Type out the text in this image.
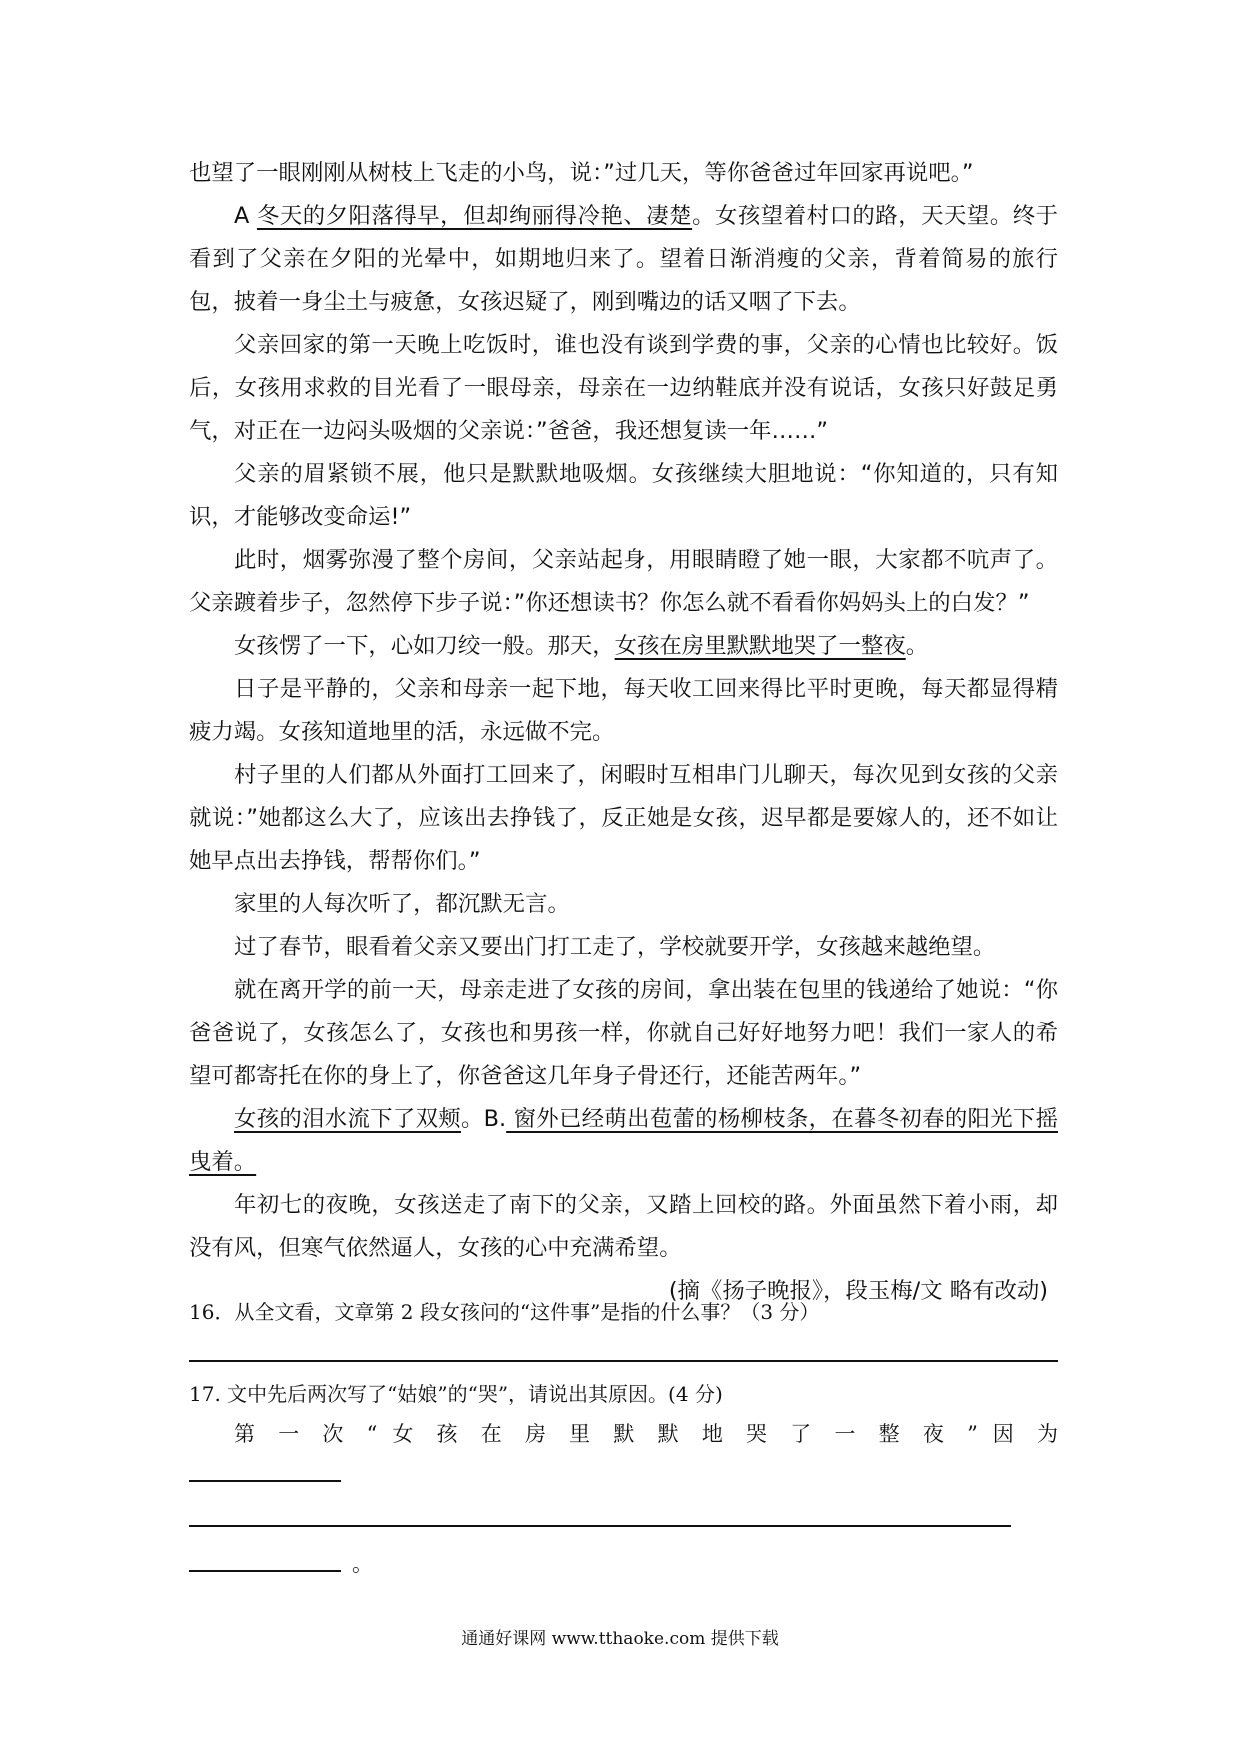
也望了一眼刚刚从树枝上飞走的小鸟，说：”过几天，等你爸爸过年回家再说吧。”

A 冬天的夕阳落得早，但却绚丽得冷艳、凄楚。女孩望着村口的路，天天望。终于看到了父亲在夕阳的光晕中，如期地归来了。望着日渐消瘦的父亲，背着简易的旅行包，披着一身尘土与疲惫，女孩迟疑了，刚到嘴边的话又咽了下去。

父亲回家的第一天晚上吃饭时，谁也没有谈到学费的事，父亲的心情也比较好。饭后，女孩用求救的目光看了一眼母亲，母亲在一边纳鞋底并没有说话，女孩只好鼓足勇气，对正在一边闷头吸烟的父亲说：”爸爸，我还想复读一年……”

父亲的眉紧锁不展，他只是默默地吸烟。女孩继续大胆地说：“你知道的，只有知识，才能够改变命运!”

此时，烟雾弥漫了整个房间，父亲站起身，用眼睛瞪了她一眼，大家都不吭声了。父亲踱着步子，忽然停下步子说：”你还想读书？你怎么就不看看你妈妈头上的白发？”

女孩愣了一下，心如刀绞一般。那天，女孩在房里默默地哭了一整夜。

日子是平静的，父亲和母亲一起下地，每天收工回来得比平时更晚，每天都显得精疲力竭。女孩知道地里的活，永远做不完。

村子里的人们都从外面打工回来了，闲暇时互相串门儿聊天，每次见到女孩的父亲就说：”她都这么大了，应该出去挣钱了，反正她是女孩，迟早都是要嫁人的，还不如让她早点出去挣钱，帮帮你们。”

家里的人每次听了，都沉默无言。

过了春节，眼看着父亲又要出门打工走了，学校就要开学，女孩越来越绝望。

就在离开学的前一天，母亲走进了女孩的房间，拿出装在包里的钱递给了她说：“你爸爸说了，女孩怎么了，女孩也和男孩一样，你就自己好好地努力吧！我们一家人的希望可都寄托在你的身上了，你爸爸这几年身子骨还行，还能苦两年。”

女孩的泪水流下了双颊。B. 窗外已经萌出苞蕾的杨柳枝条，在暮冬初春的阳光下摇曳着。

年初七的夜晚，女孩送走了南下的父亲，又踏上回校的路。外面虽然下着小雨，却没有风，但寒气依然逼人，女孩的心中充满希望。

(摘《扬子晚报》，段玉梅/文 略有改动)

16．从全文看，文章第 2 段女孩问的“这件事”是指的什么事？（3 分）
17. 文中先后两次写了“姑娘”的“哭”，请说出其原因。(4 分)
第 一 次 “ 女 孩 在 房 里 默 默 地 哭 了 一 整 夜 ” 因 为
。
通通好课网 www.tthaoke.com 提供下载
